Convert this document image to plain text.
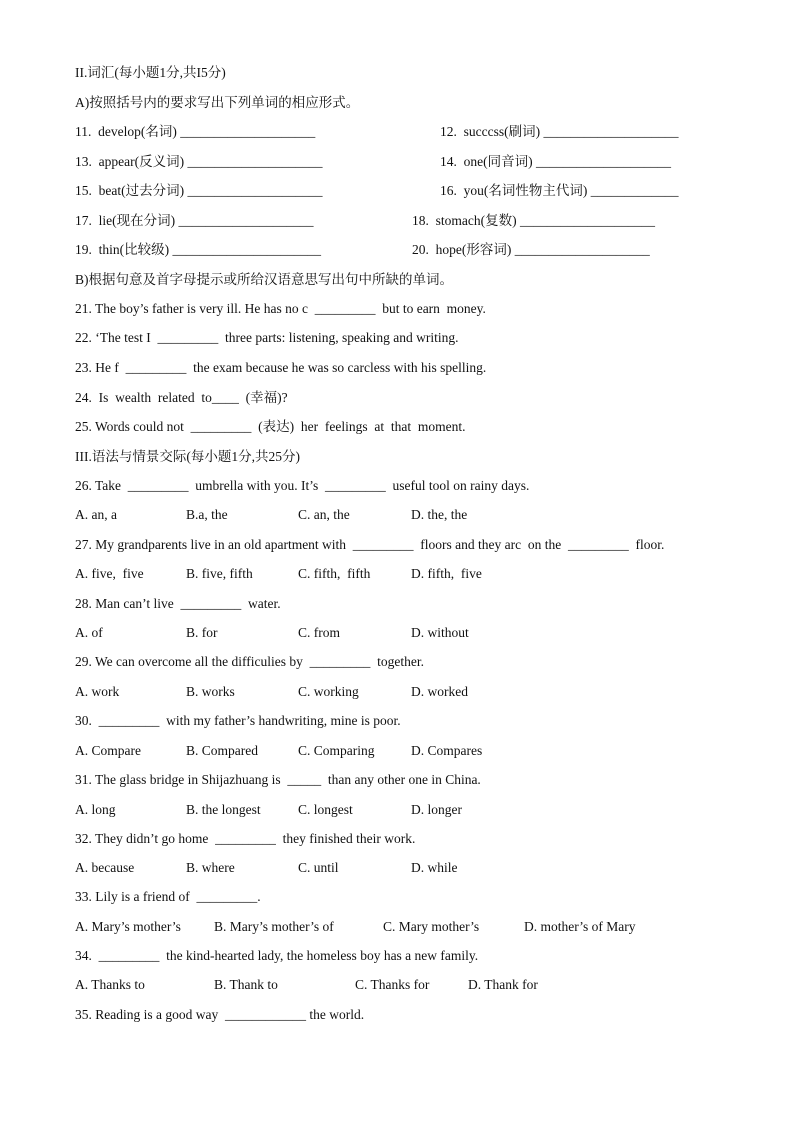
II.词汇(每小题1分,共I5分)
A)按照括号内的要求写出下列单词的相应形式。
11.  develop(名词) ____________________	12.  succcss(刷词) ____________________
13.  appear(反义词) ____________________	14.  one(同音词) ____________________
15.  beat(过去分词) ____________________	16.  you(名词性物主代词) _____________
17.  lie(现在分词) ____________________	18.  stomach(复数) ____________________
19.  thin(比较级) ______________________	20.  hope(形容词) ____________________
B)根据句意及首字母提示或所给汉语意思写出句中所缺的单词。
21. The boy’s father is very ill. He has no c  _________  but to earn  money.
22. ‘The test I  _________  three parts: listening, speaking and writing.
23. He f  _________  the exam because he was so carcless with his spelling.
24.  Is  wealth  related  to____  (幸福)?
25. Words could not  _________  (表达)  her  feelings  at  that  moment.
III.语法与情景交际(每小题1分,共25分)
26. Take  _________  umbrella with you. It’s  _________  useful tool on rainy days.
A. an, a	B.a, the	C. an, the	D. the, the
27. My grandparents live in an old apartment with  _________  floors and they arc  on the  _________  floor.
A. five,  five	B. five, fifth	C. fifth,  fifth	D. fifth,  five
28. Man can’t live  _________  water.
A. of	B. for	C. from	D. without
29. We can overcome all the difficulies by  _________  together.
A. work	B. works	C. working	D. worked
30.  _________  with my father’s handwriting, mine is poor.
A. Compare	B. Compared	C. Comparing	D. Compares
31. The glass bridge in Shijazhuang is  _____  than any other one in China.
A. long	B. the longest	C. longest	D. longer
32. They didn’t go home  _________  they finished their work.
A. because	B. where	C. until	D. while
33. Lily is a friend of  _________.
A. Mary’s mother’s B. Mary’s mother’s of	C. Mary mother’s	D. mother’s of Mary
34.  _________  the kind-hearted lady, the homeless boy has a new family.
A. Thanks to	B. Thank to	C. Thanks for	D. Thank for
35. Reading is a good way  ____________ the world.
